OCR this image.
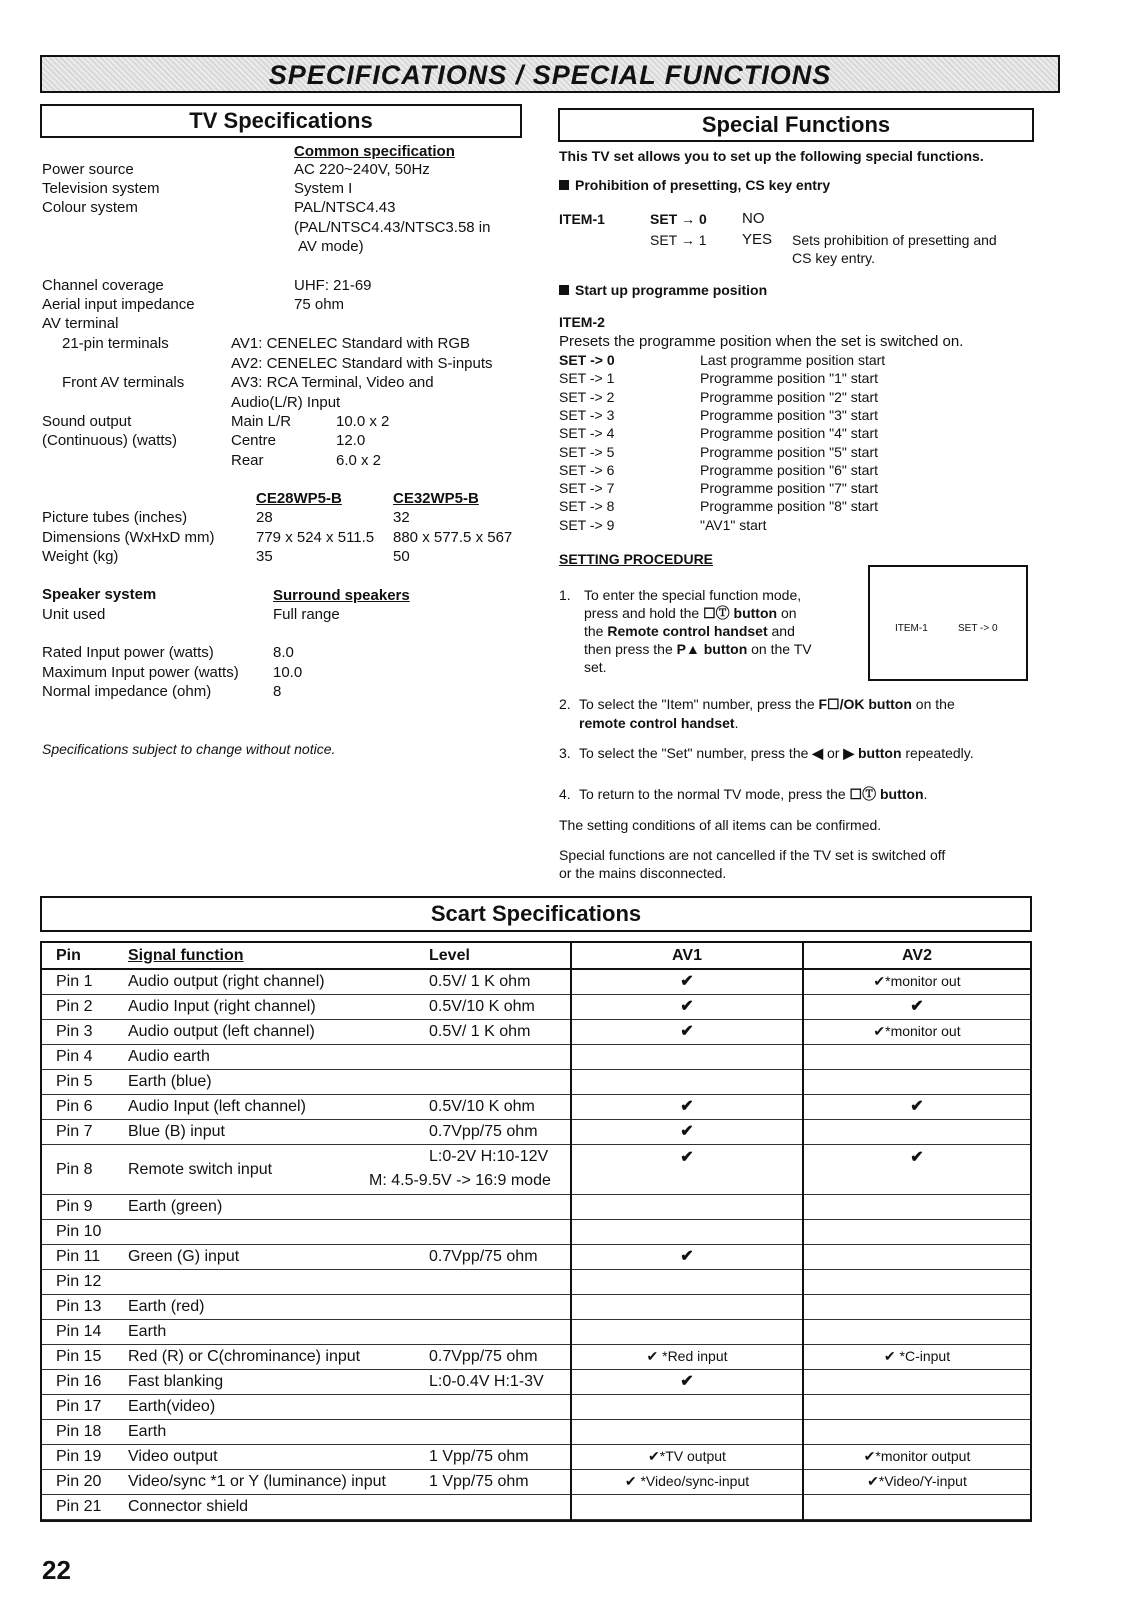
SPECIFICATIONS / SPECIAL FUNCTIONS
TV Specifications	Special Functions
Common specification
Power source	AC 220~240V, 50Hz
Television system	System I
Colour system	PAL/NTSC4.43
(PAL/NTSC4.43/NTSC3.58 in
AV mode)
Channel coverage	UHF: 21-69
Aerial input impedance	75 ohm
AV terminal
21-pin terminals	AV1: CENELEC Standard with RGB
AV2: CENELEC Standard with S-inputs
Front AV terminals	AV3: RCA Terminal, Video and
Audio(L/R) Input
Sound output
(Continuous) (watts)
Main L/R	10.0 x 2
Centre	12.0
Rear	6.0 x 2
CE28WP5-B	CE32WP5-B
Picture tubes (inches)	28	32
Dimensions (WxHxD mm)	779 x 524 x 511.5 880 x 577.5 x 567
Weight (kg)	35	50
Speaker system	Surround speakers
Unit used	Full range
Rated Input power (watts)	8.0
Maximum Input power (watts) 10.0
Normal impedance (ohm)	8
Specifications subject to change without notice.
This TV set allows you to set up the following special functions.
Prohibition of presetting, CS key entry
ITEM-1	SET → 0 NO
SET → 1 YES Sets prohibition of presetting and
CS key entry.
Start up programme position
ITEM-2
Presets the programme position when the set is switched on.
SET -> 0	Last programme position start
SET -> 1	Programme position "1" start
SET -> 2	Programme position "2" start
SET -> 3	Programme position "3" start
SET -> 4	Programme position "4" start
SET -> 5	Programme position "5" start
SET -> 6	Programme position "6" start
SET -> 7	Programme position "7" start
SET -> 8	Programme position "8" start
SET -> 9	"AV1" start
SETTING PROCEDURE
1. To enter the special function mode,
press and hold the ☐Ⓣ button on
the Remote control handset and
then press the P▲ button on the TV
set.
ITEM-1	SET -> 0
2. To select the "Item" number, press the F☐/OK button on the
remote control handset.
3. To select the "Set" number, press the ◀ or ▶ button repeatedly.
4. To return to the normal TV mode, press the ☐Ⓣ button.
The setting conditions of all items can be confirmed.
Special functions are not cancelled if the TV set is switched off
or the mains disconnected.
Scart Specifications
Pin	Signal function	Level	AV1	AV2
Pin 1	Audio output (right channel)	0.5V/ 1 K ohm	✔	✔*monitor out
Pin 2	Audio Input (right channel)	0.5V/10 K ohm	✔	✔
Pin 3	Audio output (left channel)	0.5V/ 1 K ohm	✔	✔*monitor out
Pin 4	Audio earth			
Pin 5	Earth (blue)			
Pin 6	Audio Input (left channel)	0.5V/10 K ohm	✔	✔
Pin 7	Blue (B) input	0.7Vpp/75 ohm	✔	
Pin 8	Remote switch input	L:0-2V H:10-12V
M: 4.5-9.5V -> 16:9 mode	✔	✔
Pin 9	Earth (green)			
Pin 10				
Pin 11	Green (G) input	0.7Vpp/75 ohm	✔	
Pin 12				
Pin 13	Earth (red)			
Pin 14	Earth			
Pin 15	Red (R) or C(chrominance) input	0.7Vpp/75 ohm	✔ *Red input	✔ *C-input
Pin 16	Fast blanking	L:0-0.4V H:1-3V	✔	
Pin 17	Earth(video)			
Pin 18	Earth			
Pin 19	Video output	1 Vpp/75 ohm	✔*TV output	✔*monitor output
Pin 20	Video/sync *1 or Y (luminance) input	1 Vpp/75 ohm	✔ *Video/sync-input	✔*Video/Y-input
Pin 21	Connector shield			
22
